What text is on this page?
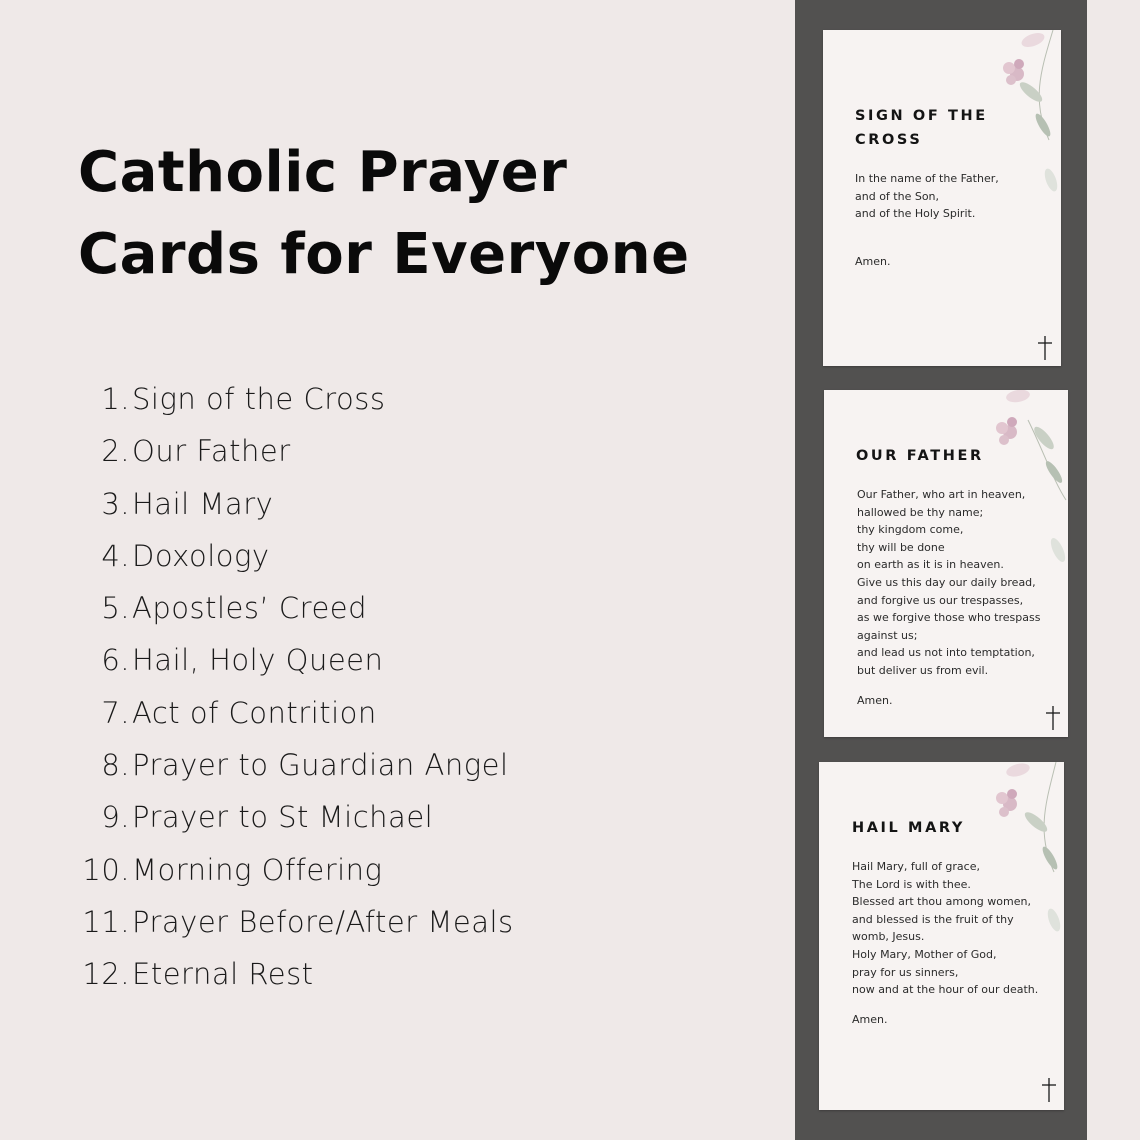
Catholic Prayer
Cards for Everyone
1. Sign of the Cross
2. Our Father
3. Hail Mary
4. Doxology
5. Apostles’ Creed
6. Hail, Holy Queen
7. Act of Contrition
8. Prayer to Guardian Angel
9. Prayer to St Michael
10. Morning Offering
11. Prayer Before/After Meals
12. Eternal Rest
SIGN OF THE CROSS
In the name of the Father,
and of the Son,
and of the Holy Spirit.
Amen.
OUR FATHER
Our Father, who art in heaven,
hallowed be thy name;
thy kingdom come,
thy will be done
on earth as it is in heaven.
Give us this day our daily bread,
and forgive us our trespasses,
as we forgive those who trespass
against us;
and lead us not into temptation,
but deliver us from evil.
Amen.
HAIL MARY
Hail Mary, full of grace,
The Lord is with thee.
Blessed art thou among women,
and blessed is the fruit of thy
womb, Jesus.
Holy Mary, Mother of God,
pray for us sinners,
now and at the hour of our death.
Amen.
